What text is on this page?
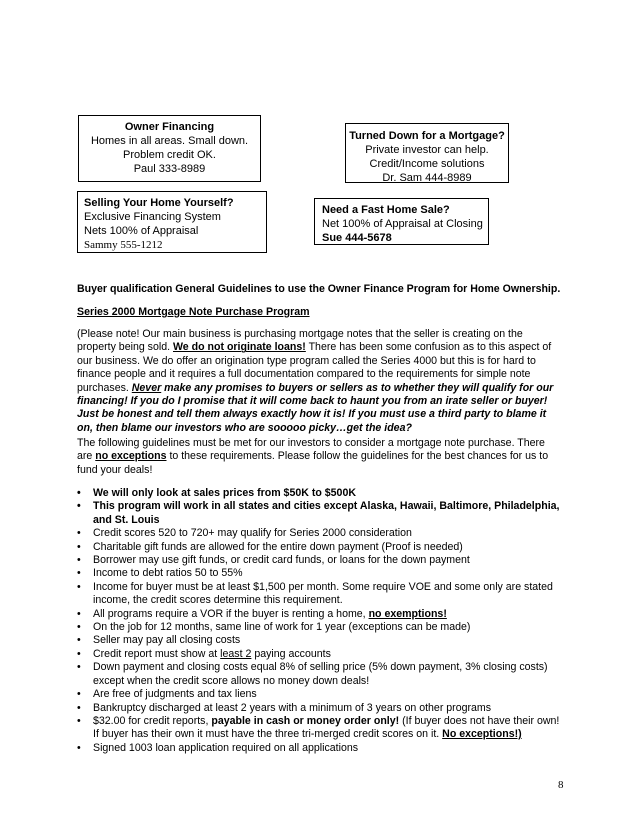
Owner Financing
Homes in all areas. Small down.
Problem credit OK.
Paul 333-8989
Turned Down for a Mortgage?
Private investor can help.
Credit/Income solutions
Dr. Sam 444-8989
Selling Your Home Yourself?
Exclusive Financing System
Nets 100% of Appraisal
Sammy 555-1212
Need a Fast Home Sale?
Net 100% of Appraisal at Closing
Sue 444-5678
Buyer qualification General Guidelines to use the Owner Finance Program for Home Ownership.
Series 2000 Mortgage Note Purchase Program
(Please note! Our main business is purchasing mortgage notes that the seller is creating on the property being sold. We do not originate loans! There has been some confusion as to this aspect of our business. We do offer an origination type program called the Series 4000 but this is for hard to finance people and it requires a full documentation compared to the requirements for simple note purchases. Never make any promises to buyers or sellers as to whether they will qualify for our financing! If you do I promise that it will come back to haunt you from an irate seller or buyer! Just be honest and tell them always exactly how it is! If you must use a third party to blame it on, then blame our investors who are sooooo picky…get the idea?
The following guidelines must be met for our investors to consider a mortgage note purchase. There are no exceptions to these requirements. Please follow the guidelines for the best chances for us to fund your deals!
•	We will only look at sales prices from $50K to $500K
•	This program will work in all states and cities except Alaska, Hawaii, Baltimore, Philadelphia, and St. Louis
•	Credit scores 520 to 720+ may qualify for Series 2000 consideration
•	Charitable gift funds are allowed for the entire down payment (Proof is needed)
•	Borrower may use gift funds, or credit card funds, or loans for the down payment
•	Income to debt ratios 50 to 55%
•	Income for buyer must be at least $1,500 per month. Some require VOE and some only are stated income, the credit scores determine this requirement.
•	All programs require a VOR if the buyer is renting a home, no exemptions!
•	On the job for 12 months, same line of work for 1 year (exceptions can be made)
•	Seller may pay all closing costs
•	Credit report must show at least 2 paying accounts
•	Down payment and closing costs equal 8% of selling price (5% down payment, 3% closing costs) except when the credit score allows no money down deals!
•	Are free of judgments and tax liens
•	Bankruptcy discharged at least 2 years with a minimum of 3 years on other programs
•	$32.00 for credit reports, payable in cash or money order only! (If buyer does not have their own! If buyer has their own it must have the three tri-merged credit scores on it. No exceptions!)
•	Signed 1003 loan application required on all applications
8
